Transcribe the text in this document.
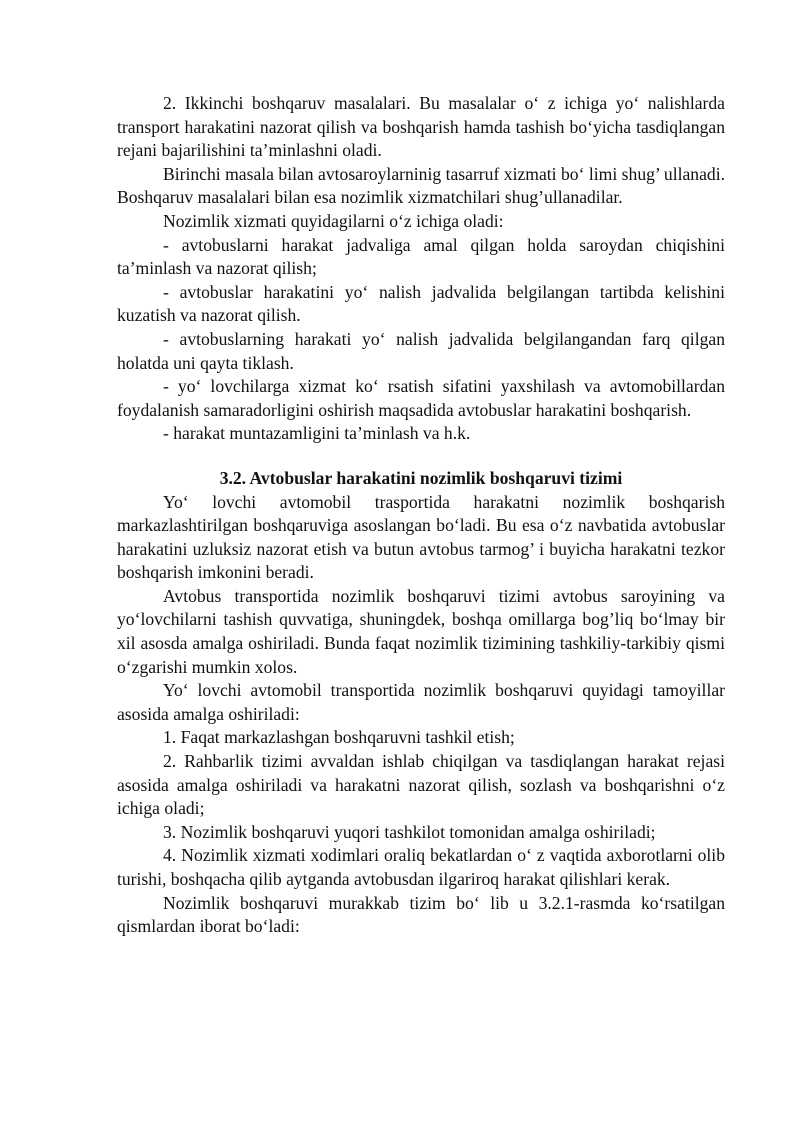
2. Ikkinchi boshqaruv masalalari. Bu masalalar o‘ z ichiga yo‘ nalishlarda transport harakatini nazorat qilish va boshqarish hamda tashish bo‘yicha tasdiqlangan rejani bajarilishini ta’minlashni oladi.

Birinchi masala bilan avtosaroylarninig tasarruf xizmati bo‘ limi shug’ ullanadi. Boshqaruv masalalari bilan esa nozimlik xizmatchilari shug’ullanadilar.

Nozimlik xizmati quyidagilarni o‘z ichiga oladi:

- avtobuslarni harakat jadvaliga amal qilgan holda saroydan chiqishini ta’minlash va nazorat qilish;

- avtobuslar harakatini yo‘ nalish jadvalida belgilangan tartibda kelishini kuzatish va nazorat qilish.

- avtobuslarning harakati yo‘ nalish jadvalida belgilangandan farq qilgan holatda uni qayta tiklash.

- yo‘ lovchilarga xizmat ko‘ rsatish sifatini yaxshilash va avtomobillardan foydalanish samaradorligini oshirish maqsadida avtobuslar harakatini boshqarish.

- harakat muntazamligini ta’minlash va h.k.

3.2. Avtobuslar harakatini nozimlik boshqaruvi tizimi

Yo‘ lovchi avtomobil trasportida harakatni nozimlik boshqarish markazlashtirilgan boshqaruviga asoslangan bo‘ladi. Bu esa o‘z navbatida avtobuslar harakatini uzluksiz nazorat etish va butun avtobus tarmog’ i buyicha harakatni tezkor boshqarish imkonini beradi.

Avtobus transportida nozimlik boshqaruvi tizimi avtobus saroyining va yo‘lovchilarni tashish quvvatiga, shuningdek, boshqa omillarga bog’liq bo‘lmay bir xil asosda amalga oshiriladi. Bunda faqat nozimlik tizimining tashkiliy-tarkibiy qismi o‘zgarishi mumkin xolos.

Yo‘ lovchi avtomobil transportida nozimlik boshqaruvi quyidagi tamoyillar asosida amalga oshiriladi:

1. Faqat markazlashgan boshqaruvni tashkil etish;

2. Rahbarlik tizimi avvaldan ishlab chiqilgan va tasdiqlangan harakat rejasi asosida amalga oshiriladi va harakatni nazorat qilish, sozlash va boshqarishni o‘z ichiga oladi;

3. Nozimlik boshqaruvi yuqori tashkilot tomonidan amalga oshiriladi;

4. Nozimlik xizmati xodimlari oraliq bekatlardan o‘ z vaqtida axborotlarni olib turishi, boshqacha qilib aytganda avtobusdan ilgariroq harakat qilishlari kerak.

Nozimlik boshqaruvi murakkab tizim bo‘ lib u 3.2.1-rasmda ko‘rsatilgan qismlardan iborat bo‘ladi:
